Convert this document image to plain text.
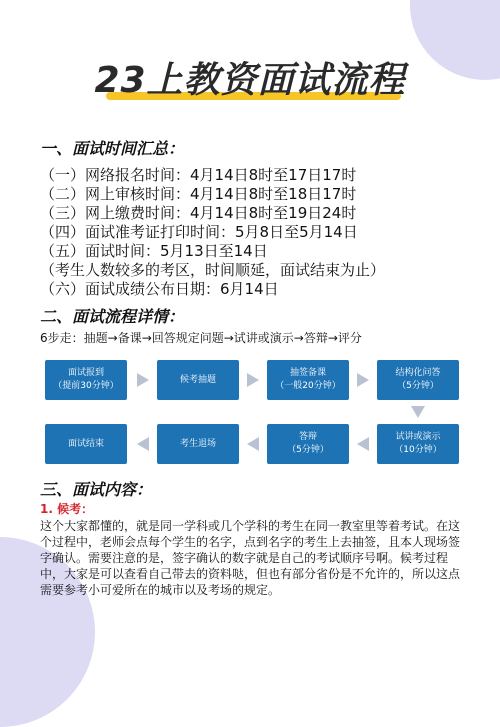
23上教资面试流程
一、面试时间汇总：
（一）网络报名时间：4月14日8时至17日17时
（二）网上审核时间：4月14日8时至18日17时
（三）网上缴费时间：4月14日8时至19日24时
（四）面试准考证打印时间：5月8日至5月14日
（五）面试时间：5月13日至14日
（考生人数较多的考区，时间顺延，面试结束为止）
（六）面试成绩公布日期：6月14日
二、面试流程详情：
6步走：抽题→备课→回答规定问题→试讲或演示→答辩→评分
面试报到
（提前30分钟）
候考抽题
抽签备课
（一般20分钟）
结构化问答
（5分钟）
面试结束	考生退场
答辩
（5分钟）
试讲或演示
（10分钟）
三、面试内容：
1. 候考：
这个大家都懂的，就是同一学科或几个学科的考生在同一教室里等着考试。在这个过程中，老师会点每个学生的名字，点到名字的考生上去抽签，且本人现场签字确认。需要注意的是，签字确认的数字就是自己的考试顺序号啊。候考过程中，大家是可以查看自己带去的资料哒，但也有部分省份是不允许的，所以这点需要参考小可爱所在的城市以及考场的规定。
